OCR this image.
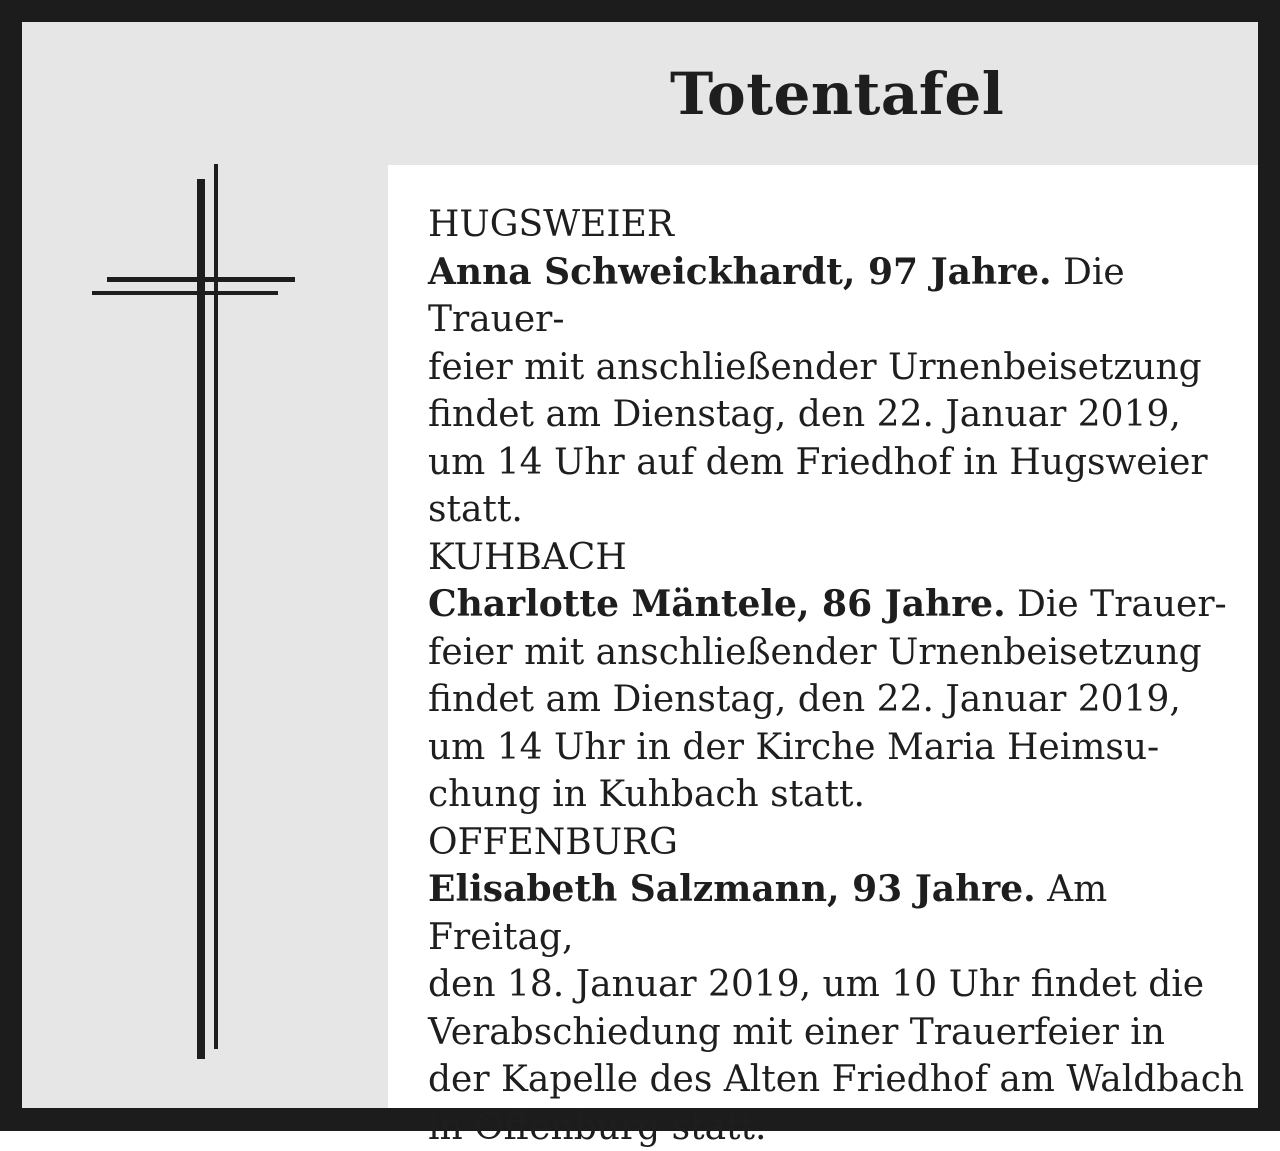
Totentafel
HUGSWEIER
Anna Schweickhardt, 97 Jahre. Die Trauer-
feier mit anschließender Urnenbeisetzung
findet am Dienstag, den 22. Januar 2019,
um 14 Uhr auf dem Friedhof in Hugsweier
statt.
KUHBACH
Charlotte Mäntele, 86 Jahre. Die Trauer-
feier mit anschließender Urnenbeisetzung
findet am Dienstag, den 22. Januar 2019,
um 14 Uhr in der Kirche Maria Heimsu-
chung in Kuhbach statt.
OFFENBURG
Elisabeth Salzmann, 93 Jahre. Am Freitag,
den 18. Januar 2019, um 10 Uhr findet die
Verabschiedung mit einer Trauerfeier in
der Kapelle des Alten Friedhof am Waldbach
in Offenburg statt.
